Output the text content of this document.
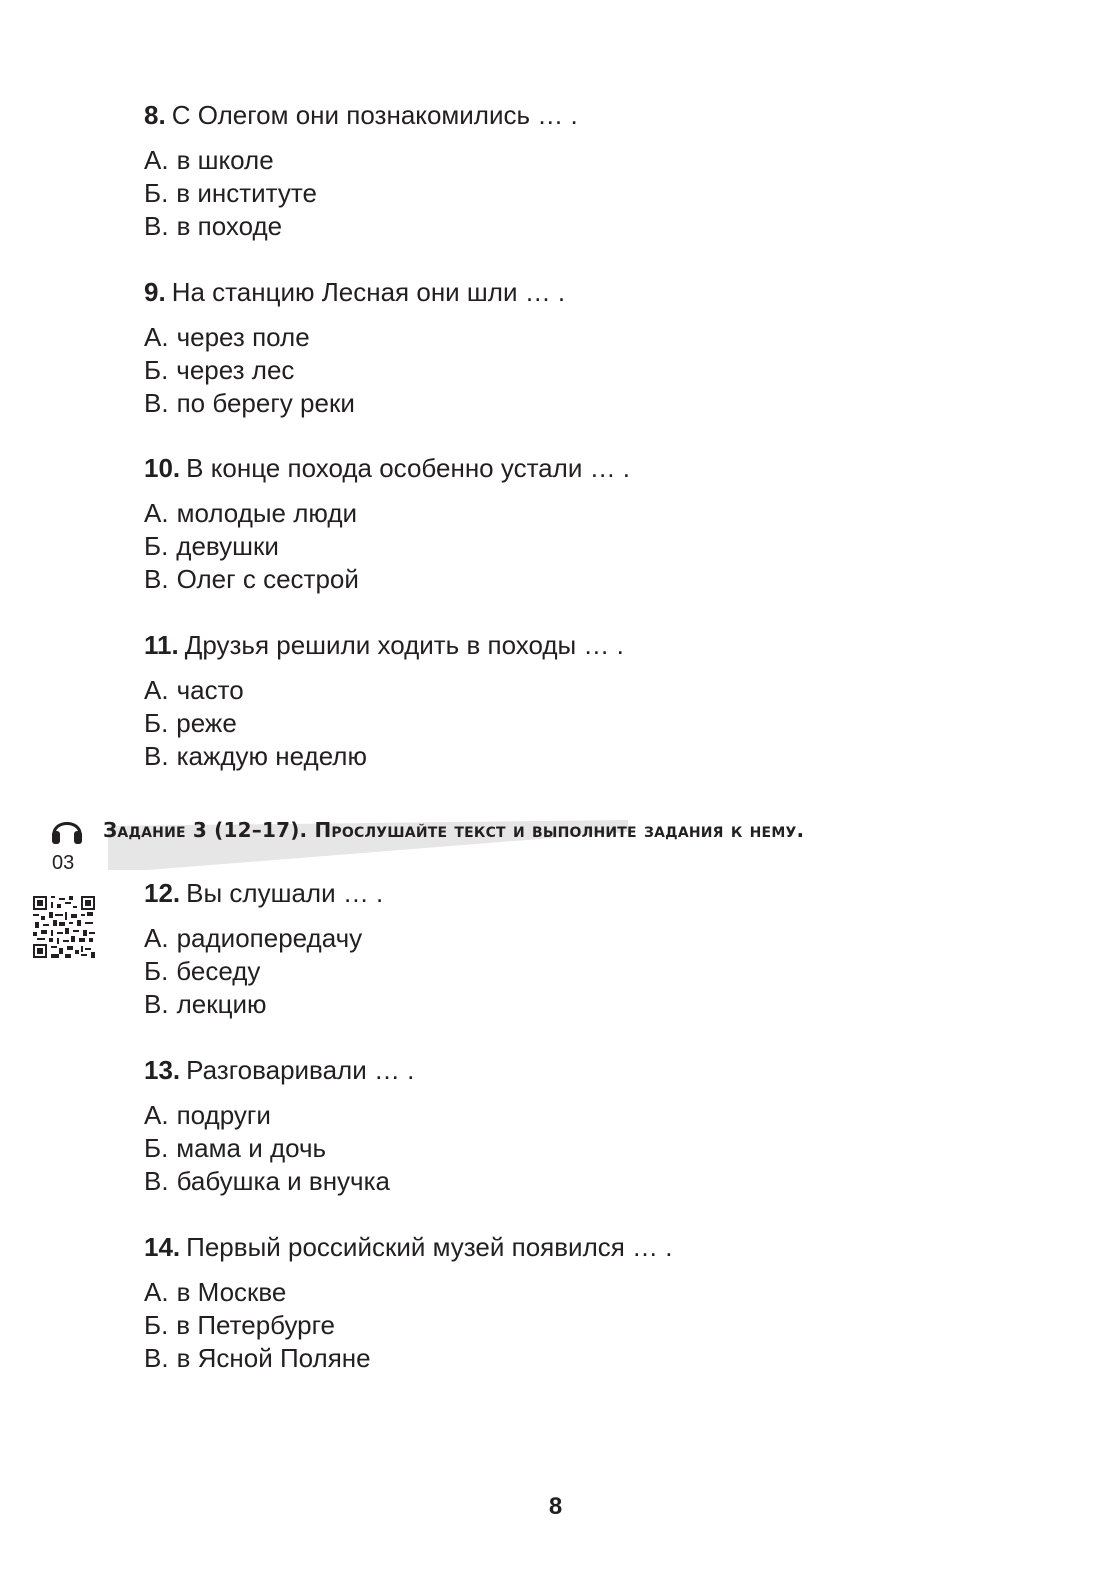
8. С Олегом они познакомились … .
А. в школе
Б. в институте
В. в походе
9. На станцию Лесная они шли … .
А. через поле
Б. через лес
В. по берегу реки
10. В конце похода особенно устали … .
А. молодые люди
Б. девушки
В. Олег с сестрой
11. Друзья решили ходить в походы … .
А. часто
Б. реже
В. каждую неделю
03
Задание 3 (12–17). Прослушайте текст и выполните задания к нему.
12. Вы слушали … .
А. радиопередачу
Б. беседу
В. лекцию
13. Разговаривали … .
А. подруги
Б. мама и дочь
В. бабушка и внучка
14. Первый российский музей появился … .
А. в Москве
Б. в Петербурге
В. в Ясной Поляне
8
